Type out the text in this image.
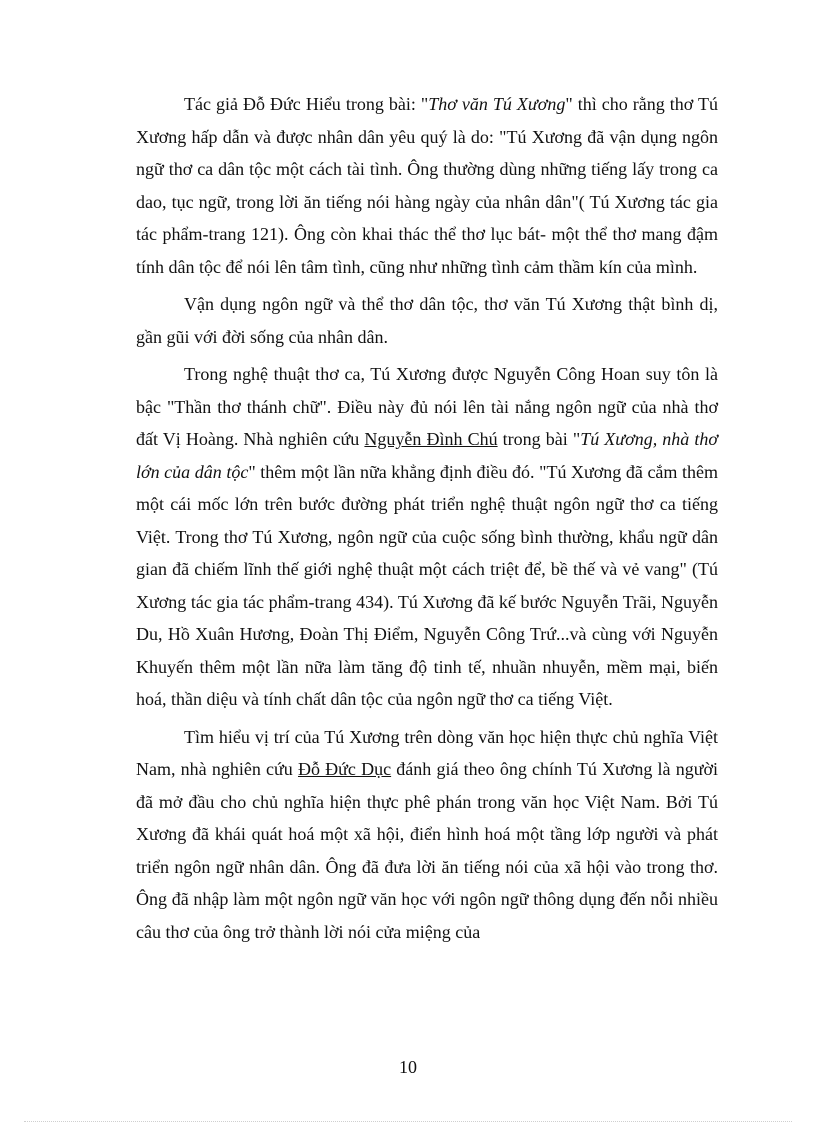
Tác giả Đỗ Đức Hiểu trong bài: "Thơ văn Tú Xương" thì cho rằng thơ Tú Xương hấp dẫn và được nhân dân yêu quý là do: "Tú Xương đã vận dụng ngôn ngữ thơ ca dân tộc một cách tài tình. Ông thường dùng những tiếng lấy trong ca dao, tục ngữ, trong lời ăn tiếng nói hàng ngày của nhân dân"( Tú Xương tác gia tác phẩm-trang 121). Ông còn khai thác thể thơ lục bát- một thể thơ mang đậm tính dân tộc để nói lên tâm tình, cũng như những tình cảm thầm kín của mình.

Vận dụng ngôn ngữ và thể thơ dân tộc, thơ văn Tú Xương thật bình dị, gần gũi với đời sống của nhân dân.

Trong nghệ thuật thơ ca, Tú Xương được Nguyễn Công Hoan suy tôn là bậc "Thần thơ thánh chữ". Điều này đủ nói lên tài nắng ngôn ngữ của nhà thơ đất Vị Hoàng. Nhà nghiên cứu Nguyễn Đình Chú trong bài "Tú Xương, nhà thơ lớn của dân tộc" thêm một lần nữa khẳng định điều đó. "Tú Xương đã cắm thêm một cái mốc lớn trên bước đường phát triển nghệ thuật ngôn ngữ thơ ca tiếng Việt. Trong thơ Tú Xương, ngôn ngữ của cuộc sống bình thường, khẩu ngữ dân gian đã chiếm lĩnh thế giới nghệ thuật một cách triệt để, bề thế và vẻ vang" (Tú Xương tác gia tác phẩm-trang 434). Tú Xương đã kế bước Nguyễn Trãi, Nguyễn Du, Hồ Xuân Hương, Đoàn Thị Điểm, Nguyễn Công Trứ...và cùng với Nguyễn Khuyến thêm một lần nữa làm tăng độ tinh tế, nhuần nhuyễn, mềm mại, biến hoá, thần diệu và tính chất dân tộc của ngôn ngữ thơ ca tiếng Việt.

Tìm hiểu vị trí của Tú Xương trên dòng văn học hiện thực chủ nghĩa Việt Nam, nhà nghiên cứu Đỗ Đức Dục đánh giá theo ông chính Tú Xương là người đã mở đầu cho chủ nghĩa hiện thực phê phán trong văn học Việt Nam. Bởi Tú Xương đã khái quát hoá một xã hội, điển hình hoá một tầng lớp người và phát triển ngôn ngữ nhân dân. Ông đã đưa lời ăn tiếng nói của xã hội vào trong thơ. Ông đã nhập làm một ngôn ngữ văn học với ngôn ngữ thông dụng đến nỗi nhiều câu thơ của ông trở thành lời nói cửa miệng của

10
